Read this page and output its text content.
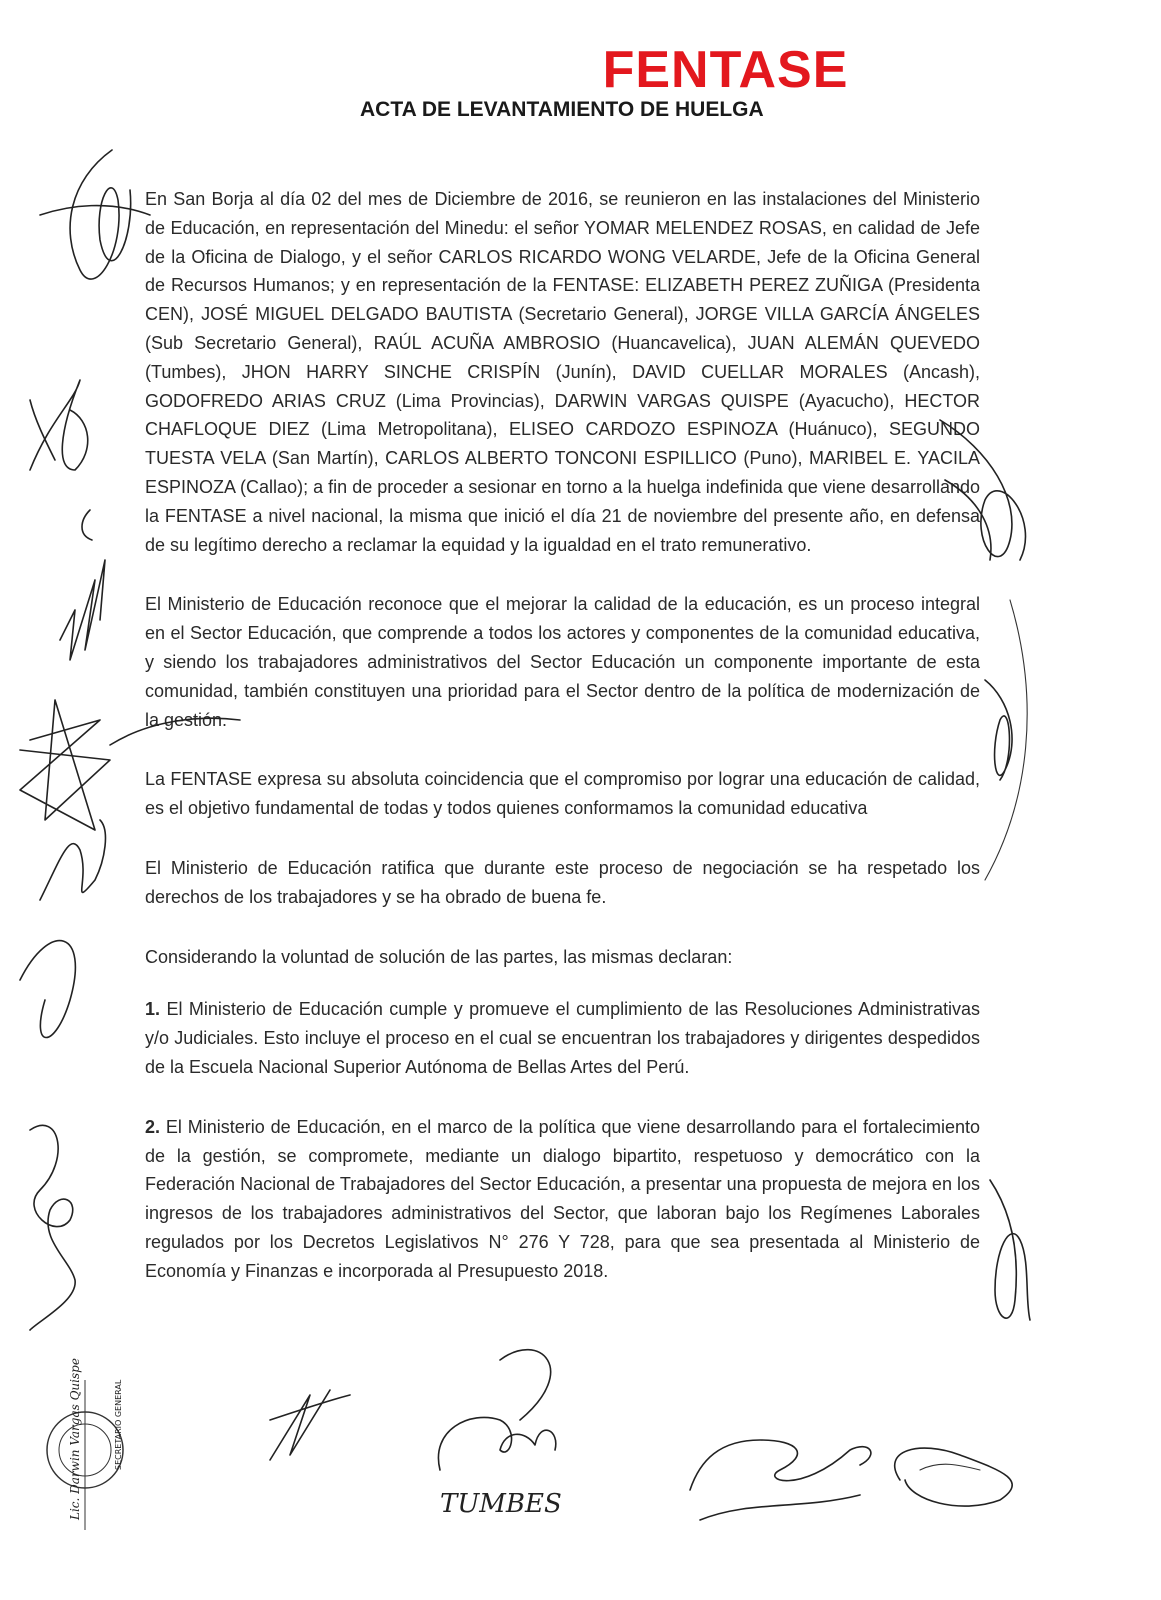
FENTASE
ACTA DE LEVANTAMIENTO DE HUELGA

En San Borja al día 02 del mes de Diciembre de 2016, se reunieron en las instalaciones del Ministerio de Educación, en representación del Minedu: el señor YOMAR MELENDEZ ROSAS, en calidad de Jefe de la Oficina de Dialogo, y el señor CARLOS RICARDO WONG VELARDE, Jefe de la Oficina General de Recursos Humanos; y en representación de la FENTASE: ELIZABETH PEREZ ZUÑIGA (Presidenta CEN), JOSÉ MIGUEL DELGADO BAUTISTA (Secretario General), JORGE VILLA GARCÍA ÁNGELES (Sub Secretario General), RAÚL ACUÑA AMBROSIO (Huancavelica), JUAN ALEMÁN QUEVEDO (Tumbes), JHON HARRY SINCHE CRISPÍN (Junín), DAVID CUELLAR MORALES (Ancash), GODOFREDO ARIAS CRUZ (Lima Provincias), DARWIN VARGAS QUISPE (Ayacucho), HECTOR CHAFLOQUE DIEZ (Lima Metropolitana), ELISEO CARDOZO ESPINOZA (Huánuco), SEGUNDO TUESTA VELA (San Martín), CARLOS ALBERTO TONCONI ESPILLICO (Puno), MARIBEL E. YACILA ESPINOZA (Callao); a fin de proceder a sesionar en torno a la huelga indefinida que viene desarrollando la FENTASE a nivel nacional, la misma que inició el día 21 de noviembre del presente año, en defensa de su legítimo derecho a reclamar la equidad y la igualdad en el trato remunerativo.

El Ministerio de Educación reconoce que el mejorar la calidad de la educación, es un proceso integral en el Sector Educación, que comprende a todos los actores y componentes de la comunidad educativa, y siendo los trabajadores administrativos del Sector Educación un componente importante de esta comunidad, también constituyen una prioridad para el Sector dentro de la política de modernización de la gestión.

La FENTASE expresa su absoluta coincidencia que el compromiso por lograr una educación de calidad, es el objetivo fundamental de todas y todos quienes conformamos la comunidad educativa

El Ministerio de Educación ratifica que durante este proceso de negociación se ha respetado los derechos de los trabajadores y se ha obrado de buena fe.

Considerando la voluntad de solución de las partes, las mismas declaran:

1. El Ministerio de Educación cumple y promueve el cumplimiento de las Resoluciones Administrativas y/o Judiciales. Esto incluye el proceso en el cual se encuentran los trabajadores y dirigentes despedidos de la Escuela Nacional Superior Autónoma de Bellas Artes del Perú.

2. El Ministerio de Educación, en el marco de la política que viene desarrollando para el fortalecimiento de la gestión, se compromete, mediante un dialogo bipartito, respetuoso y democrático con la Federación Nacional de Trabajadores del Sector Educación, a presentar una propuesta de mejora en los ingresos de los trabajadores administrativos del Sector, que laboran bajo los Regímenes Laborales regulados por los Decretos Legislativos N° 276 Y 728, para que sea presentada al Ministerio de Economía y Finanzas e incorporada al Presupuesto 2018.

TUMBES
Lic. Darwin Vargas Quispe	SECRETARIO GENERAL
